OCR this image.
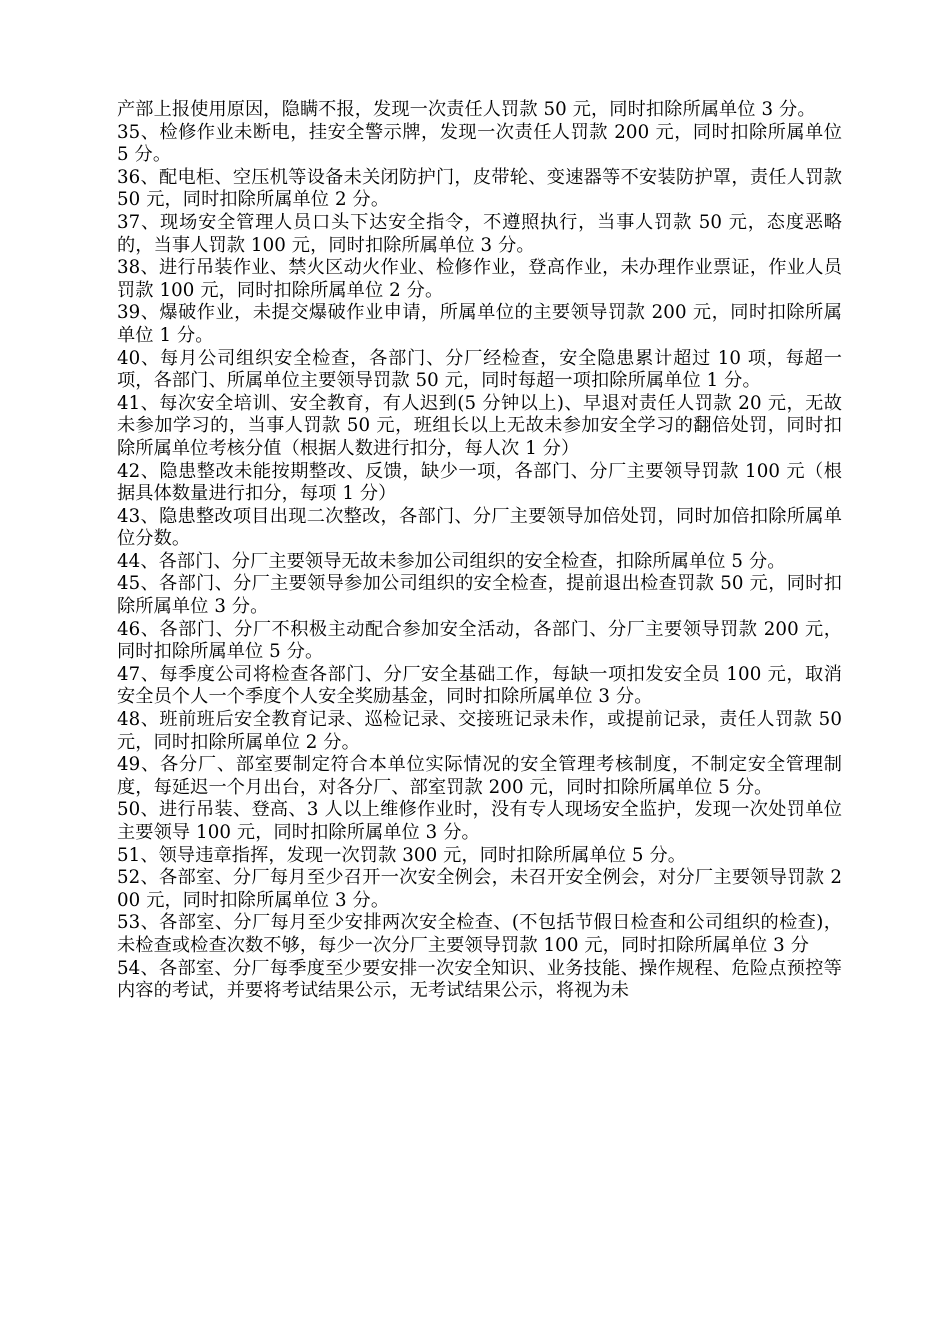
产部上报使用原因，隐瞒不报，发现一次责任人罚款 50 元，同时扣除所属单位 3 分。

35、检修作业未断电，挂安全警示牌，发现一次责任人罚款 200 元，同时扣除所属单位 5 分。

36、配电柜、空压机等设备未关闭防护门，皮带轮、变速器等不安装防护罩，责任人罚款 50 元，同时扣除所属单位 2 分。

37、现场安全管理人员口头下达安全指令，不遵照执行，当事人罚款 50 元，态度恶略的，当事人罚款 100 元，同时扣除所属单位 3 分。

38、进行吊装作业、禁火区动火作业、检修作业，登高作业，未办理作业票证，作业人员罚款 100 元，同时扣除所属单位 2 分。

39、爆破作业，未提交爆破作业申请，所属单位的主要领导罚款 200 元，同时扣除所属单位 1 分。

40、每月公司组织安全检查，各部门、分厂经检查，安全隐患累计超过 10 项，每超一项，各部门、所属单位主要领导罚款 50 元，同时每超一项扣除所属单位 1 分。

41、每次安全培训、安全教育，有人迟到(5 分钟以上)、早退对责任人罚款 20 元，无故未参加学习的，当事人罚款 50 元，班组长以上无故未参加安全学习的翻倍处罚，同时扣除所属单位考核分值（根据人数进行扣分，每人次 1 分）

42、隐患整改未能按期整改、反馈，缺少一项，各部门、分厂主要领导罚款 100 元（根据具体数量进行扣分，每项 1 分）

43、隐患整改项目出现二次整改，各部门、分厂主要领导加倍处罚，同时加倍扣除所属单位分数。

44、各部门、分厂主要领导无故未参加公司组织的安全检查，扣除所属单位 5 分。

45、各部门、分厂主要领导参加公司组织的安全检查，提前退出检查罚款 50 元，同时扣除所属单位 3 分。

46、各部门、分厂不积极主动配合参加安全活动，各部门、分厂主要领导罚款 200 元，同时扣除所属单位 5 分。

47、每季度公司将检查各部门、分厂安全基础工作，每缺一项扣发安全员 100 元，取消安全员个人一个季度个人安全奖励基金，同时扣除所属单位 3 分。

48、班前班后安全教育记录、巡检记录、交接班记录未作，或提前记录，责任人罚款 50 元，同时扣除所属单位 2 分。

49、各分厂、部室要制定符合本单位实际情况的安全管理考核制度，不制定安全管理制度，每延迟一个月出台，对各分厂、部室罚款 200 元，同时扣除所属单位 5 分。

50、进行吊装、登高、3 人以上维修作业时，没有专人现场安全监护，发现一次处罚单位主要领导 100 元，同时扣除所属单位 3 分。

51、领导违章指挥，发现一次罚款 300 元，同时扣除所属单位 5 分。

52、各部室、分厂每月至少召开一次安全例会，未召开安全例会，对分厂主要领导罚款 200 元，同时扣除所属单位 3 分。

53、各部室、分厂每月至少安排两次安全检查、(不包括节假日检查和公司组织的检查)，未检查或检查次数不够，每少一次分厂主要领导罚款 100 元，同时扣除所属单位 3 分

54、各部室、分厂每季度至少要安排一次安全知识、业务技能、操作规程、危险点预控等内容的考试，并要将考试结果公示，无考试结果公示，将视为未
